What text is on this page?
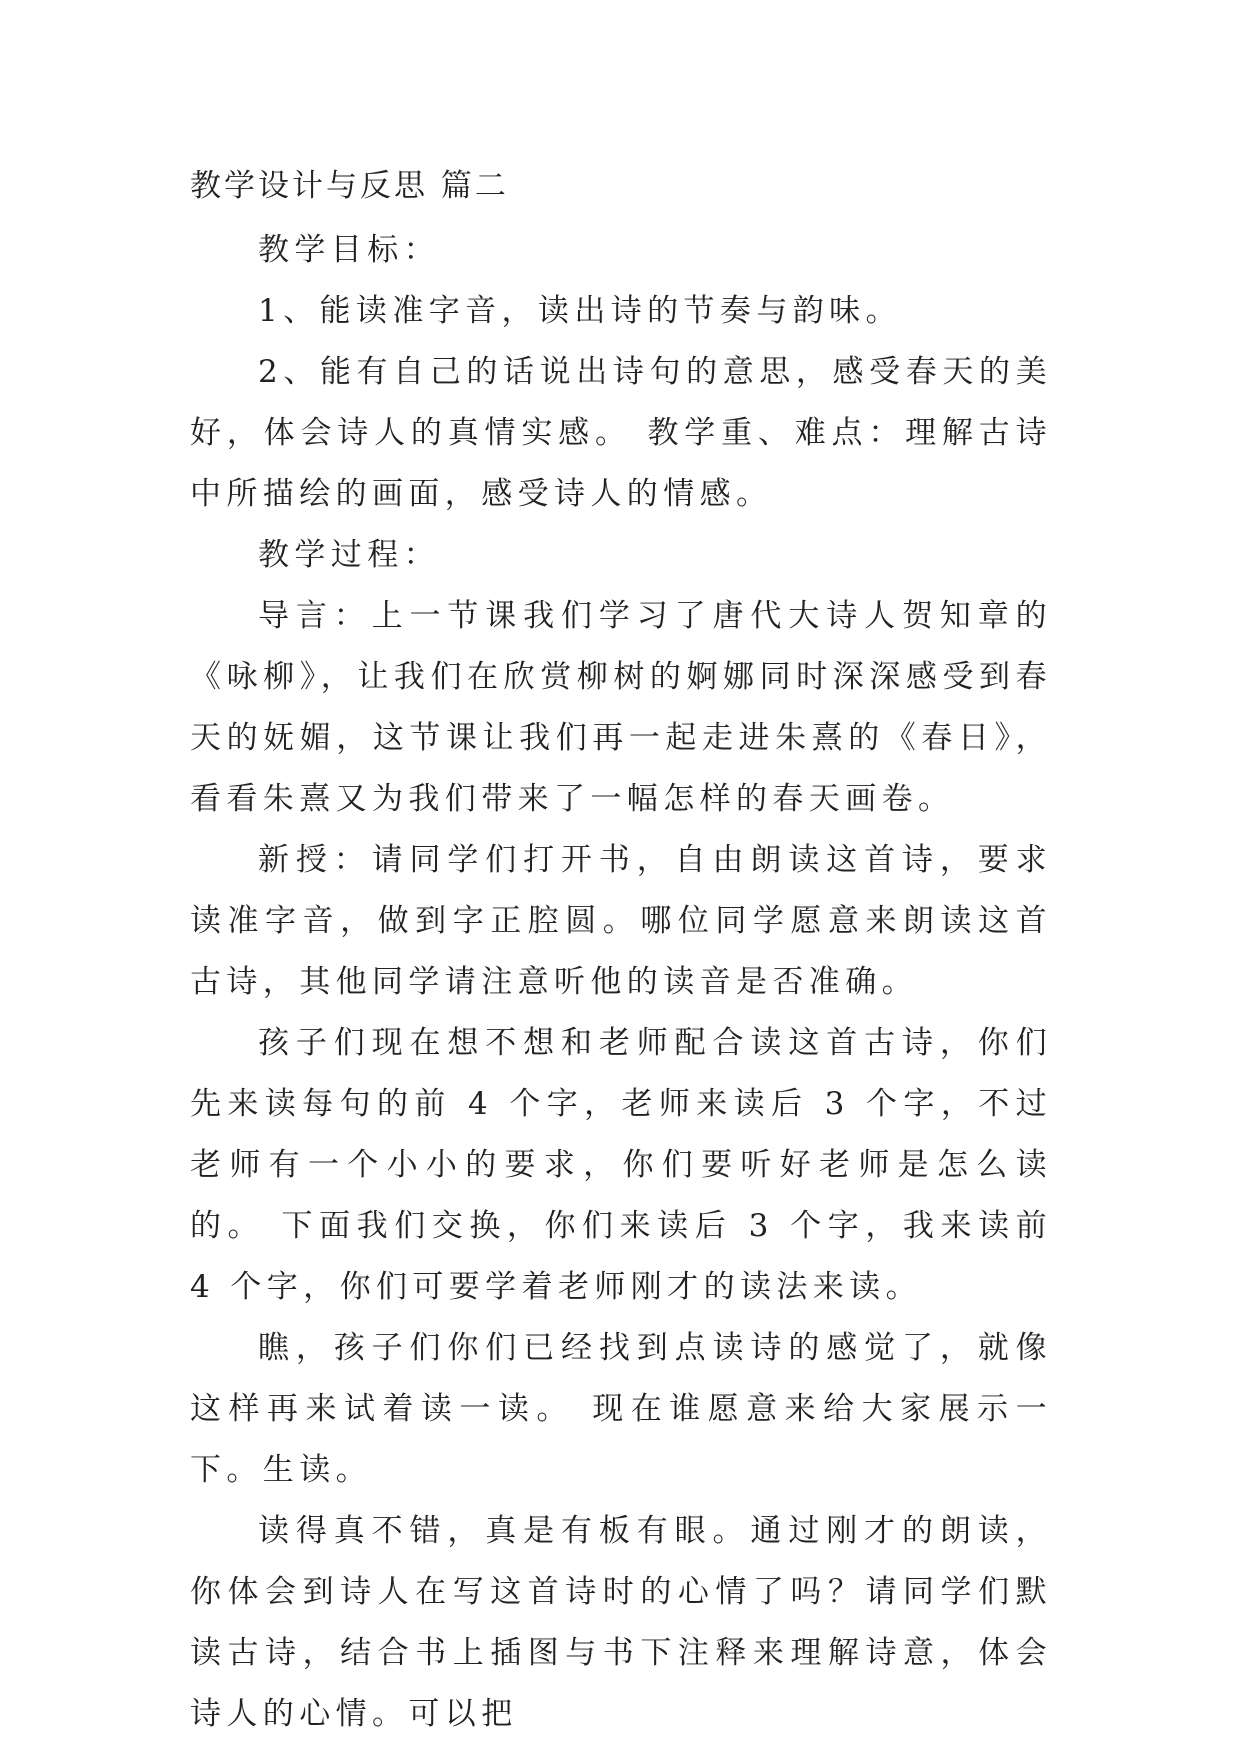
教学设计与反思 篇二

教学目标：

1、能读准字音，读出诗的节奏与韵味。

2、能有自己的话说出诗句的意思，感受春天的美好，体会诗人的真情实感。 教学重、难点：理解古诗中所描绘的画面，感受诗人的情感。

教学过程：

导言：上一节课我们学习了唐代大诗人贺知章的《咏柳》，让我们在欣赏柳树的婀娜同时深深感受到春天的妩媚，这节课让我们再一起走进朱熹的《春日》，看看朱熹又为我们带来了一幅怎样的春天画卷。

新授：请同学们打开书，自由朗读这首诗，要求读准字音，做到字正腔圆。哪位同学愿意来朗读这首古诗，其他同学请注意听他的读音是否准确。

孩子们现在想不想和老师配合读这首古诗，你们先来读每句的前 4 个字，老师来读后 3 个字，不过老师有一个小小的要求，你们要听好老师是怎么读的。 下面我们交换，你们来读后 3 个字，我来读前 4 个字，你们可要学着老师刚才的读法来读。

瞧，孩子们你们已经找到点读诗的感觉了，就像这样再来试着读一读。 现在谁愿意来给大家展示一下。生读。

读得真不错，真是有板有眼。通过刚才的朗读，你体会到诗人在写这首诗时的心情了吗？请同学们默读古诗，结合书上插图与书下注释来理解诗意，体会诗人的心情。可以把
